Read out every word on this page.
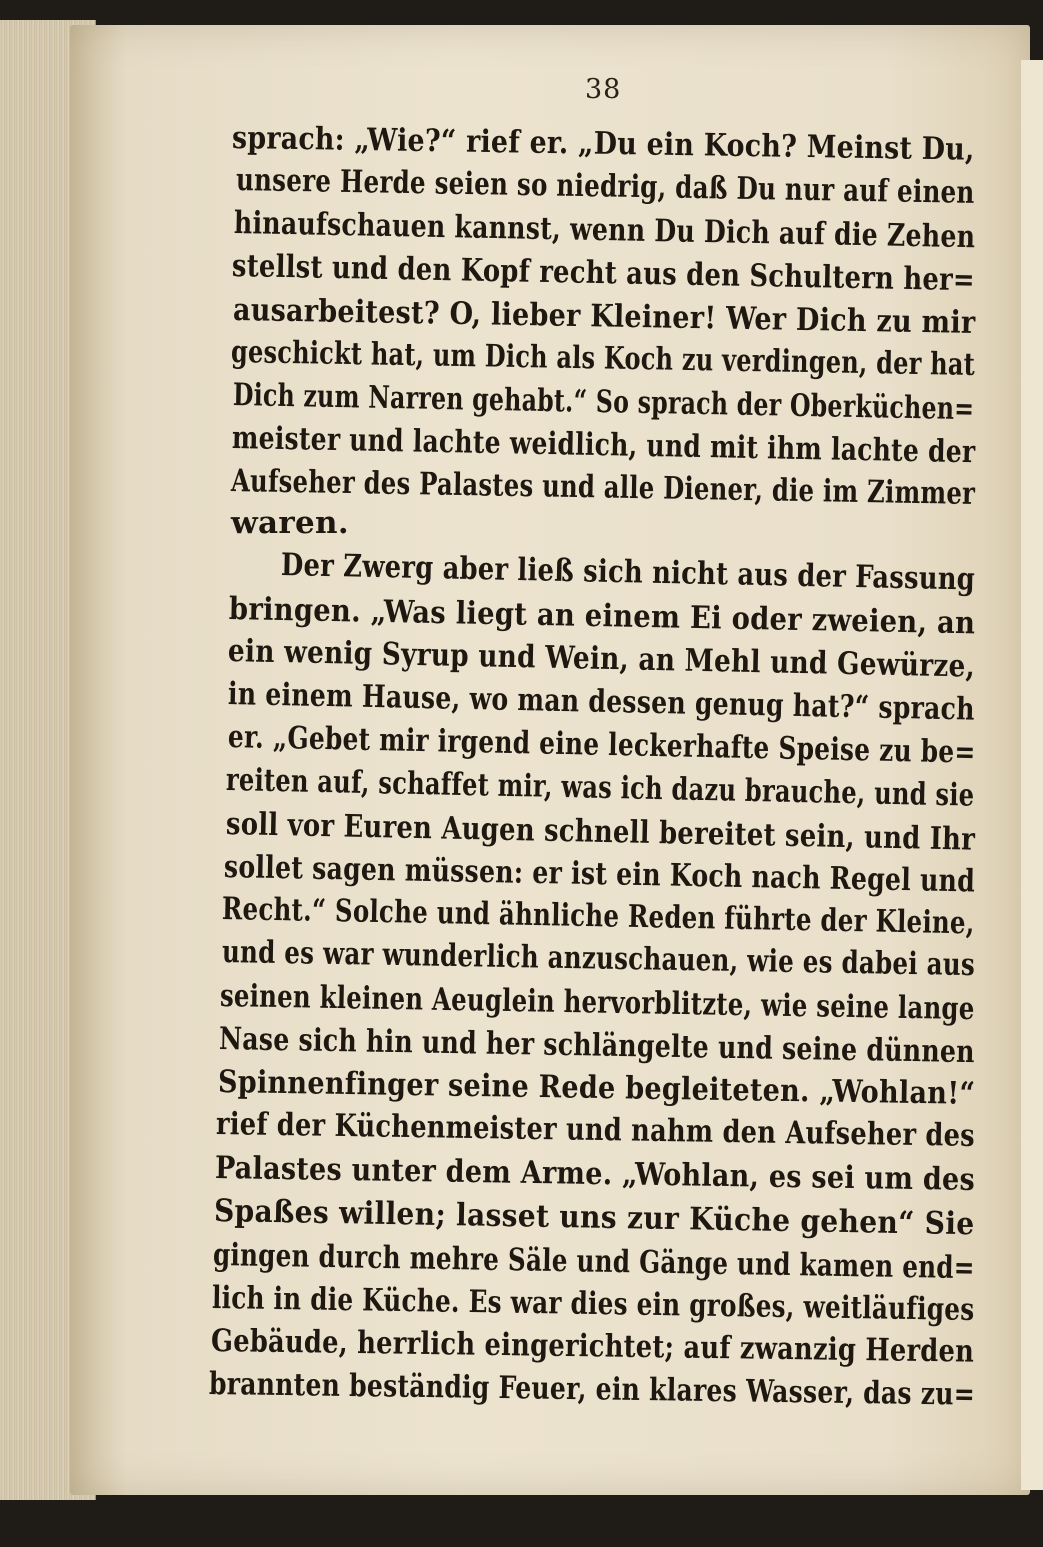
38
sprach: „Wie?“ rief er. „Du ein Koch? Meinst Du,
unsere Herde seien so niedrig, daß Du nur auf einen
hinaufschauen kannst, wenn Du Dich auf die Zehen
stellst und den Kopf recht aus den Schultern her=
ausarbeitest? O, lieber Kleiner! Wer Dich zu mir
geschickt hat, um Dich als Koch zu verdingen, der hat
Dich zum Narren gehabt.“ So sprach der Oberküchen=
meister und lachte weidlich, und mit ihm lachte der
Aufseher des Palastes und alle Diener, die im Zimmer
waren.
Der Zwerg aber ließ sich nicht aus der Fassung
bringen. „Was liegt an einem Ei oder zweien, an
ein wenig Syrup und Wein, an Mehl und Gewürze,
in einem Hause, wo man dessen genug hat?“ sprach
er. „Gebet mir irgend eine leckerhafte Speise zu be=
reiten auf, schaffet mir, was ich dazu brauche, und sie
soll vor Euren Augen schnell bereitet sein, und Ihr
sollet sagen müssen: er ist ein Koch nach Regel und
Recht.“ Solche und ähnliche Reden führte der Kleine,
und es war wunderlich anzuschauen, wie es dabei aus
seinen kleinen Aeuglein hervorblitzte, wie seine lange
Nase sich hin und her schlängelte und seine dünnen
Spinnenfinger seine Rede begleiteten. „Wohlan!“
rief der Küchenmeister und nahm den Aufseher des
Palastes unter dem Arme. „Wohlan, es sei um des
Spaßes willen; lasset uns zur Küche gehen“ Sie
gingen durch mehre Säle und Gänge und kamen end=
lich in die Küche. Es war dies ein großes, weitläufiges
Gebäude, herrlich eingerichtet; auf zwanzig Herden
brannten beständig Feuer, ein klares Wasser, das zu=
